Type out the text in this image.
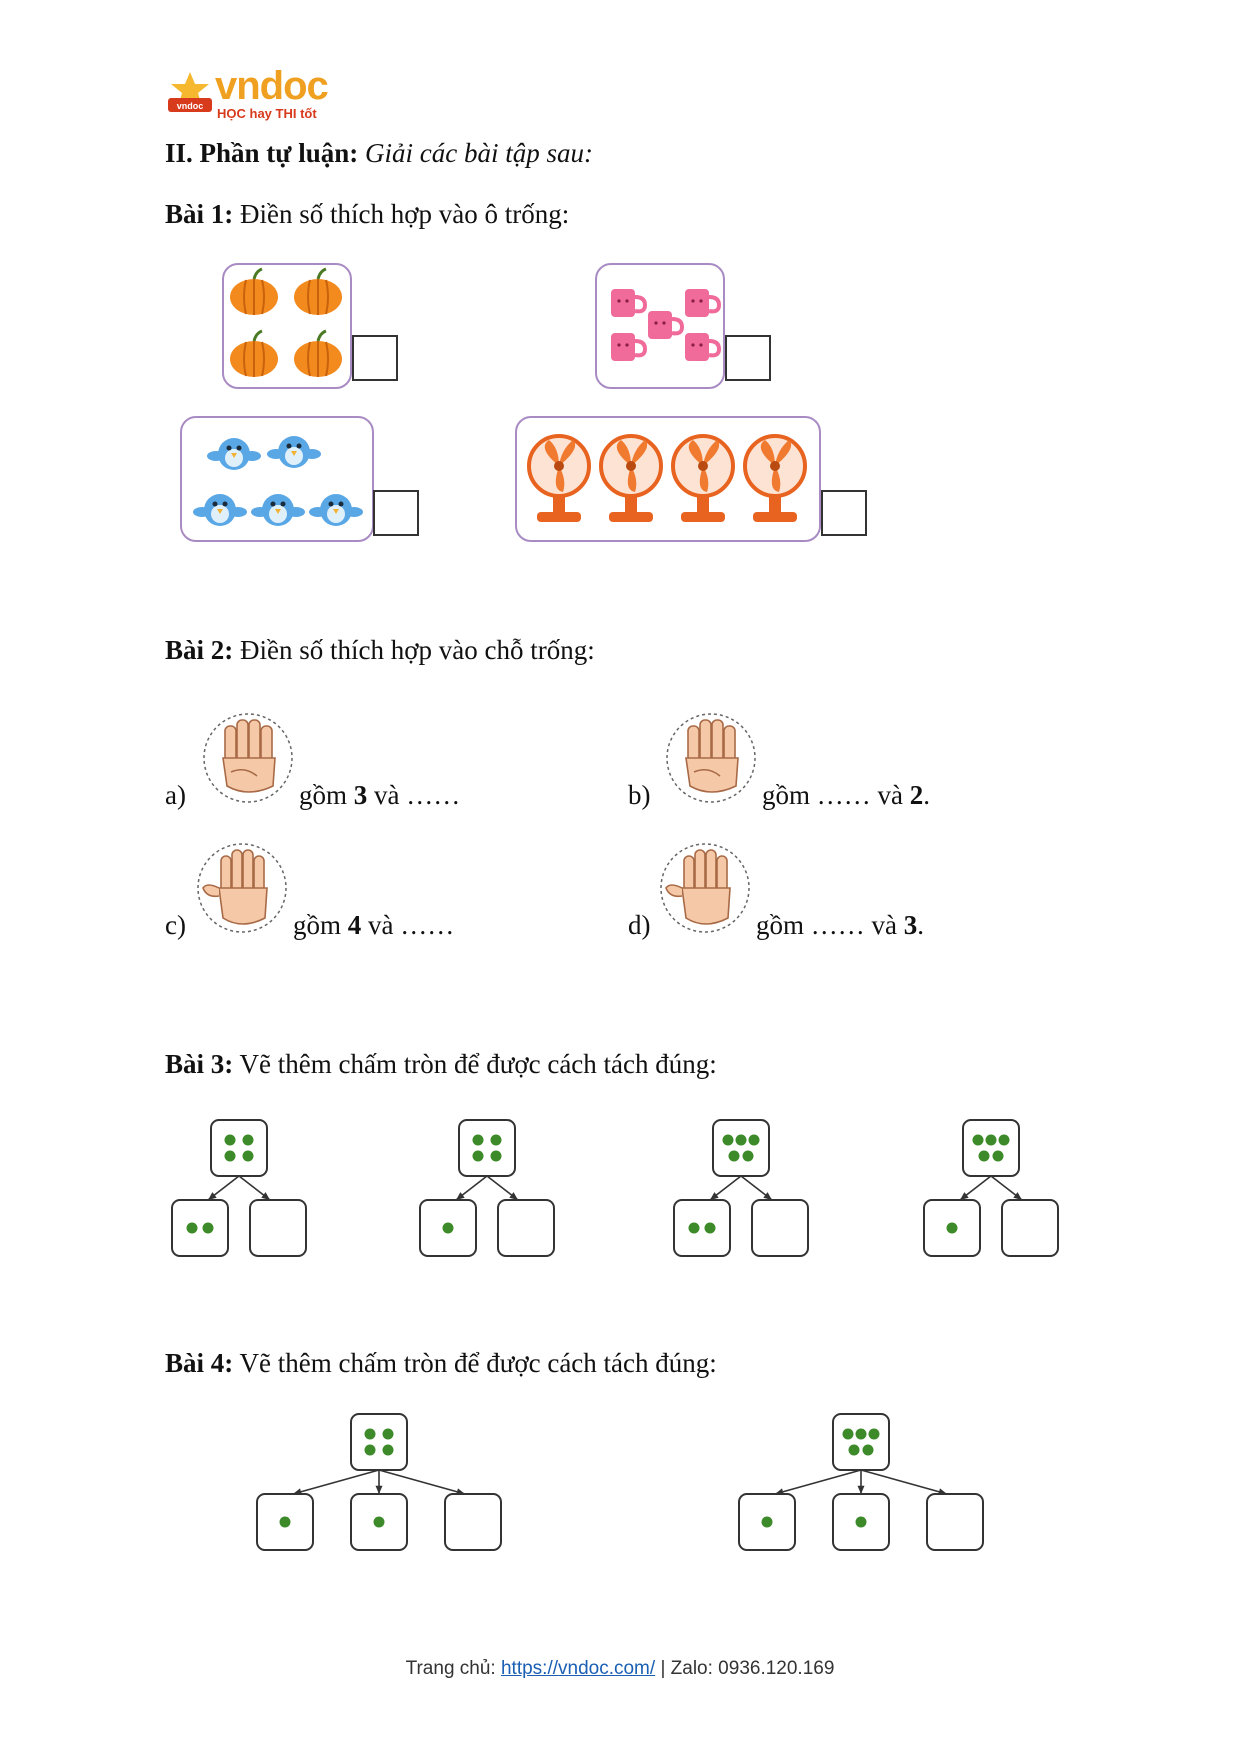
vndoc vndoc
HỌC hay THI tốt
II. Phần tự luận: Giải các bài tập sau:
Bài 1: Điền số thích hợp vào ô trống:
Bài 2: Điền số thích hợp vào chỗ trống:
a)	gồm 3 và ……	b)	gồm …… và 2.
c)	gồm 4 và ……	d)	gồm …… và 3.
Bài 3: Vẽ thêm chấm tròn để được cách tách đúng:
Bài 4: Vẽ thêm chấm tròn để được cách tách đúng:
Trang chủ: https://vndoc.com/ | Zalo: 0936.120.169
